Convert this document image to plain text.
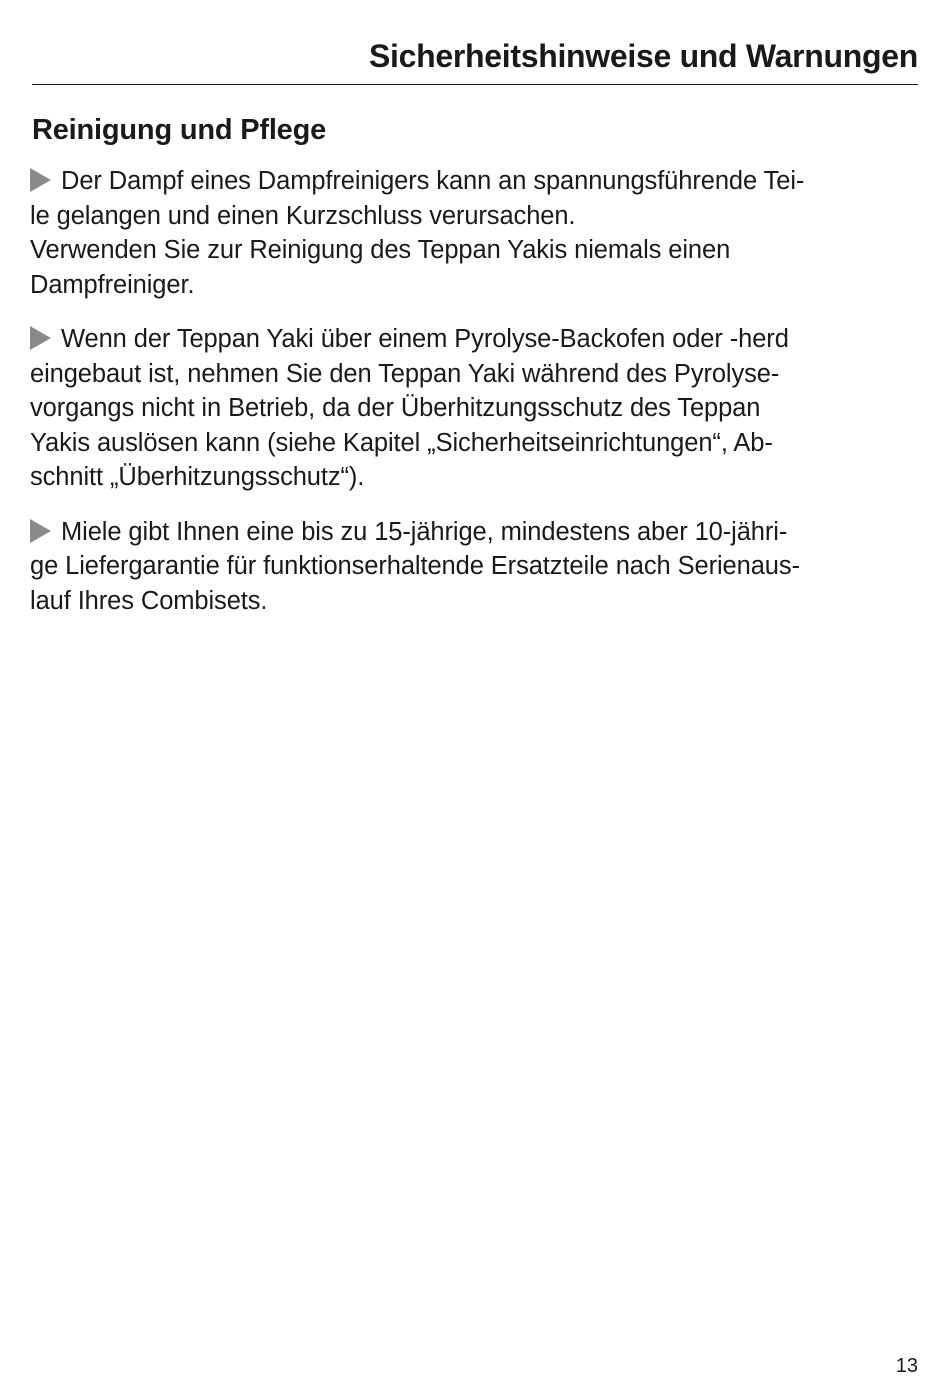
Sicherheitshinweise und Warnungen
Reinigung und Pflege

Der Dampf eines Dampfreinigers kann an spannungsführende Tei-
le gelangen und einen Kurzschluss verursachen.
Verwenden Sie zur Reinigung des Teppan Yakis niemals einen
Dampfreiniger.

Wenn der Teppan Yaki über einem Pyrolyse-Backofen oder -herd
eingebaut ist, nehmen Sie den Teppan Yaki während des Pyrolyse-
vorgangs nicht in Betrieb, da der Überhitzungsschutz des Teppan
Yakis auslösen kann (siehe Kapitel „Sicherheitseinrichtungen“, Ab-
schnitt „Überhitzungsschutz“).

Miele gibt Ihnen eine bis zu 15-jährige, mindestens aber 10-jähri-
ge Liefergarantie für funktionserhaltende Ersatzteile nach Serienaus-
lauf Ihres Combisets.

13
